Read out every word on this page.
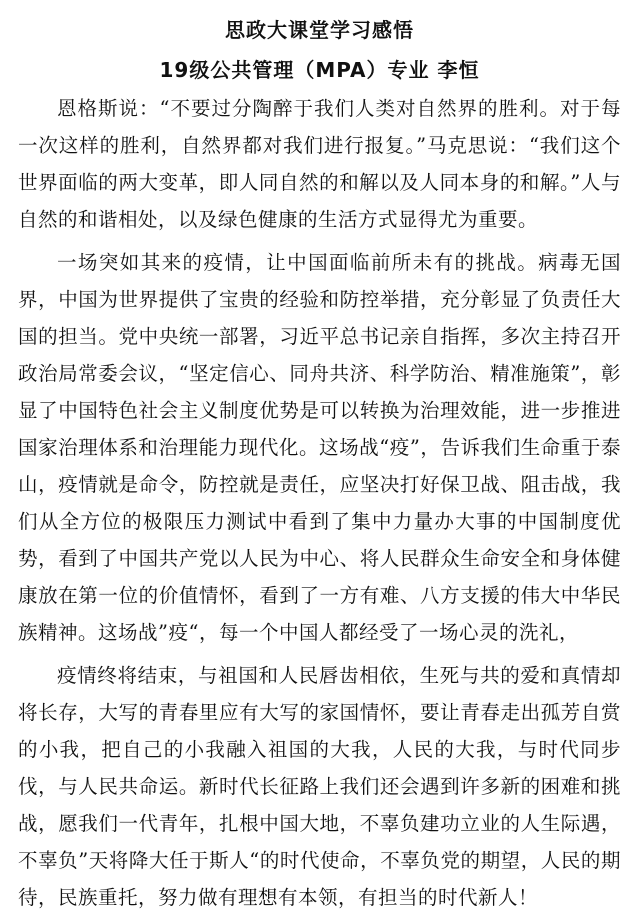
思政大课堂学习感悟
19级公共管理（MPA）专业 李恒

恩格斯说：“不要过分陶醉于我们人类对自然界的胜利。对于每一次这样的胜利，自然界都对我们进行报复。”马克思说：“我们这个世界面临的两大变革，即人同自然的和解以及人同本身的和解。”人与自然的和谐相处，以及绿色健康的生活方式显得尤为重要。

一场突如其来的疫情，让中国面临前所未有的挑战。病毒无国界，中国为世界提供了宝贵的经验和防控举措，充分彰显了负责任大国的担当。党中央统一部署，习近平总书记亲自指挥，多次主持召开政治局常委会议，“坚定信心、同舟共济、科学防治、精准施策”，彰显了中国特色社会主义制度优势是可以转换为治理效能，进一步推进国家治理体系和治理能力现代化。这场战“疫”，告诉我们生命重于泰山，疫情就是命令，防控就是责任，应坚决打好保卫战、阻击战，我们从全方位的极限压力测试中看到了集中力量办大事的中国制度优势，看到了中国共产党以人民为中心、将人民群众生命安全和身体健康放在第一位的价值情怀，看到了一方有难、八方支援的伟大中华民族精神。这场战”疫“，每一个中国人都经受了一场心灵的洗礼，

疫情终将结束，与祖国和人民唇齿相依，生死与共的爱和真情却将长存，大写的青春里应有大写的家国情怀，要让青春走出孤芳自赏的小我，把自己的小我融入祖国的大我，人民的大我，与时代同步伐，与人民共命运。新时代长征路上我们还会遇到许多新的困难和挑战，愿我们一代青年，扎根中国大地，不辜负建功立业的人生际遇，不辜负”天将降大任于斯人“的时代使命，不辜负党的期望，人民的期待，民族重托，努力做有理想有本领，有担当的时代新人！
